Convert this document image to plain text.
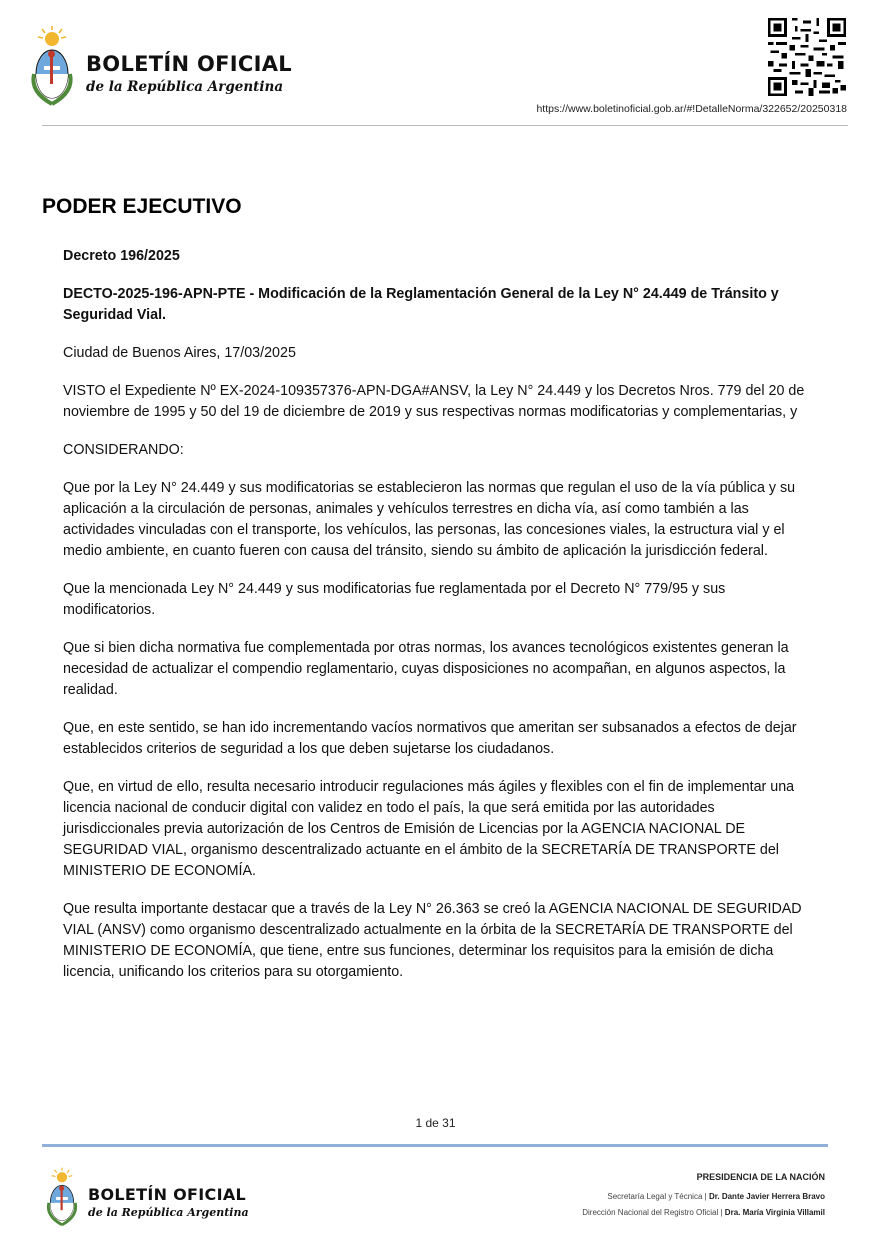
BOLETÍN OFICIAL
de la República Argentina
https://www.boletinoficial.gob.ar/#!DetalleNorma/322652/20250318
PODER EJECUTIVO

Decreto 196/2025

DECTO-2025-196-APN-PTE - Modificación de la Reglamentación General de la Ley N° 24.449 de Tránsito y Seguridad Vial.

Ciudad de Buenos Aires, 17/03/2025

VISTO el Expediente Nº EX-2024-109357376-APN-DGA#ANSV, la Ley N° 24.449 y los Decretos Nros. 779 del 20 de noviembre de 1995 y 50 del 19 de diciembre de 2019 y sus respectivas normas modificatorias y complementarias, y

CONSIDERANDO:

Que por la Ley N° 24.449 y sus modificatorias se establecieron las normas que regulan el uso de la vía pública y su aplicación a la circulación de personas, animales y vehículos terrestres en dicha vía, así como también a las actividades vinculadas con el transporte, los vehículos, las personas, las concesiones viales, la estructura vial y el medio ambiente, en cuanto fueren con causa del tránsito, siendo su ámbito de aplicación la jurisdicción federal.

Que la mencionada Ley N° 24.449 y sus modificatorias fue reglamentada por el Decreto N° 779/95 y sus modificatorios.

Que si bien dicha normativa fue complementada por otras normas, los avances tecnológicos existentes generan la necesidad de actualizar el compendio reglamentario, cuyas disposiciones no acompañan, en algunos aspectos, la realidad.

Que, en este sentido, se han ido incrementando vacíos normativos que ameritan ser subsanados a efectos de dejar establecidos criterios de seguridad a los que deben sujetarse los ciudadanos.

Que, en virtud de ello, resulta necesario introducir regulaciones más ágiles y flexibles con el fin de implementar una licencia nacional de conducir digital con validez en todo el país, la que será emitida por las autoridades jurisdiccionales previa autorización de los Centros de Emisión de Licencias por la AGENCIA NACIONAL DE SEGURIDAD VIAL, organismo descentralizado actuante en el ámbito de la SECRETARÍA DE TRANSPORTE del MINISTERIO DE ECONOMÍA.

Que resulta importante destacar que a través de la Ley N° 26.363 se creó la AGENCIA NACIONAL DE SEGURIDAD VIAL (ANSV) como organismo descentralizado actualmente en la órbita de la SECRETARÍA DE TRANSPORTE del MINISTERIO DE ECONOMÍA, que tiene, entre sus funciones, determinar los requisitos para la emisión de dicha licencia, unificando los criterios para su otorgamiento.

1 de 31
BOLETÍN OFICIAL
de la República Argentina
PRESIDENCIA DE LA NACIÓN
Secretaría Legal y Técnica | Dr. Dante Javier Herrera Bravo
Dirección Nacional del Registro Oficial | Dra. María Virginia Villamil
